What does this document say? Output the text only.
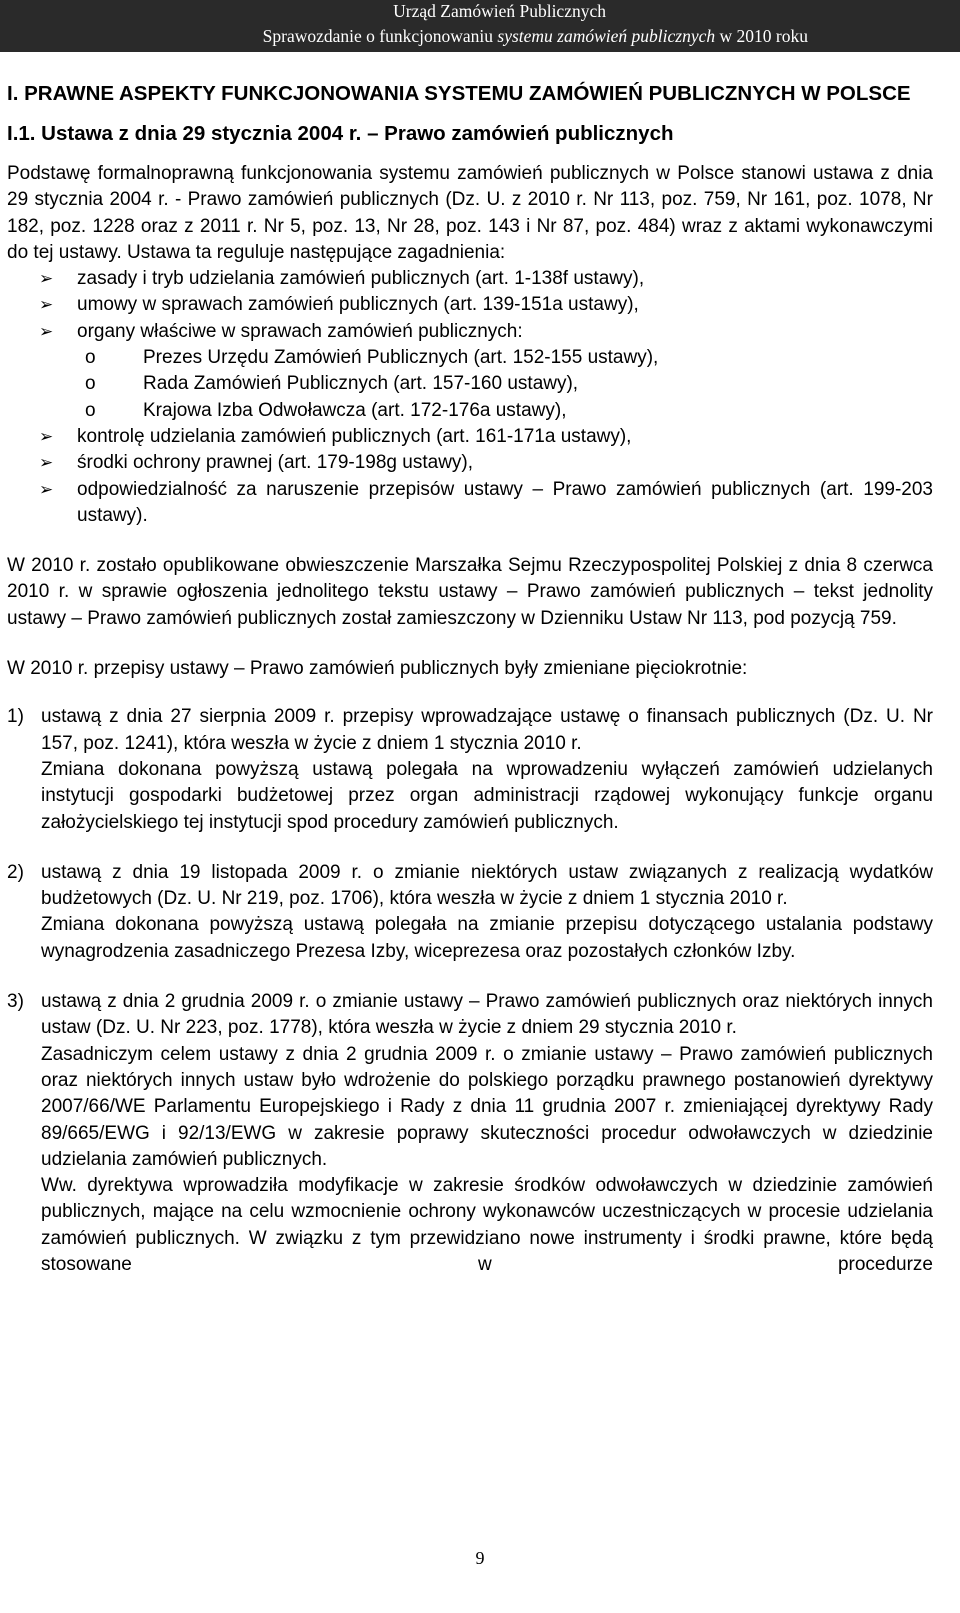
Urząd Zamówień Publicznych
Sprawozdanie o funkcjonowaniu systemu zamówień publicznych w 2010 roku
I. PRAWNE ASPEKTY FUNKCJONOWANIA SYSTEMU ZAMÓWIEŃ PUBLICZNYCH W POLSCE
I.1. Ustawa z dnia 29 stycznia 2004 r. – Prawo zamówień publicznych

Podstawę formalnoprawną funkcjonowania systemu zamówień publicznych w Polsce stanowi ustawa z dnia 29 stycznia 2004 r. - Prawo zamówień publicznych (Dz. U. z 2010 r. Nr 113, poz. 759, Nr 161, poz. 1078, Nr 182, poz. 1228 oraz z 2011 r. Nr 5, poz. 13, Nr 28, poz. 143 i Nr 87, poz. 484) wraz z aktami wykonawczymi do tej ustawy. Ustawa ta reguluje następujące zagadnienia:

➢ zasady i tryb udzielania zamówień publicznych (art. 1-138f ustawy),
➢ umowy w sprawach zamówień publicznych (art. 139-151a ustawy),
➢ organy właściwe w sprawach zamówień publicznych:
o Prezes Urzędu Zamówień Publicznych (art. 152-155 ustawy),
o Rada Zamówień Publicznych (art. 157-160 ustawy),
o Krajowa Izba Odwoławcza (art. 172-176a ustawy),
➢ kontrolę udzielania zamówień publicznych (art. 161-171a ustawy),
➢ środki ochrony prawnej (art. 179-198g ustawy),
➢ odpowiedzialność za naruszenie przepisów ustawy – Prawo zamówień publicznych (art. 199-203 ustawy).

W 2010 r. zostało opublikowane obwieszczenie Marszałka Sejmu Rzeczypospolitej Polskiej z dnia 8 czerwca 2010 r. w sprawie ogłoszenia jednolitego tekstu ustawy – Prawo zamówień publicznych – tekst jednolity ustawy – Prawo zamówień publicznych został zamieszczony w Dzienniku Ustaw Nr 113, pod pozycją 759.

W 2010 r. przepisy ustawy – Prawo zamówień publicznych były zmieniane pięciokrotnie:

1) ustawą z dnia 27 sierpnia 2009 r. przepisy wprowadzające ustawę o finansach publicznych (Dz. U. Nr 157, poz. 1241), która weszła w życie z dniem 1 stycznia 2010 r.

Zmiana dokonana powyższą ustawą polegała na wprowadzeniu wyłączeń zamówień udzielanych instytucji gospodarki budżetowej przez organ administracji rządowej wykonujący funkcje organu założycielskiego tej instytucji spod procedury zamówień publicznych.

2) ustawą z dnia 19 listopada 2009 r. o zmianie niektórych ustaw związanych z realizacją wydatków budżetowych (Dz. U. Nr 219, poz. 1706), która weszła w życie z dniem 1 stycznia 2010 r.

Zmiana dokonana powyższą ustawą polegała na zmianie przepisu dotyczącego ustalania podstawy wynagrodzenia zasadniczego Prezesa Izby, wiceprezesa oraz pozostałych członków Izby.

3) ustawą z dnia 2 grudnia 2009 r. o zmianie ustawy – Prawo zamówień publicznych oraz niektórych innych ustaw (Dz. U. Nr 223, poz. 1778), która weszła w życie z dniem 29 stycznia 2010 r.

Zasadniczym celem ustawy z dnia 2 grudnia 2009 r. o zmianie ustawy – Prawo zamówień publicznych oraz niektórych innych ustaw było wdrożenie do polskiego porządku prawnego postanowień dyrektywy 2007/66/WE Parlamentu Europejskiego i Rady z dnia 11 grudnia 2007 r. zmieniającej dyrektywy Rady 89/665/EWG i 92/13/EWG w zakresie poprawy skuteczności procedur odwoławczych w dziedzinie udzielania zamówień publicznych.

Ww. dyrektywa wprowadziła modyfikacje w zakresie środków odwoławczych w dziedzinie zamówień publicznych, mające na celu wzmocnienie ochrony wykonawców uczestniczących w procesie udzielania zamówień publicznych. W związku z tym przewidziano nowe instrumenty i środki prawne, które będą stosowane w procedurze

9
